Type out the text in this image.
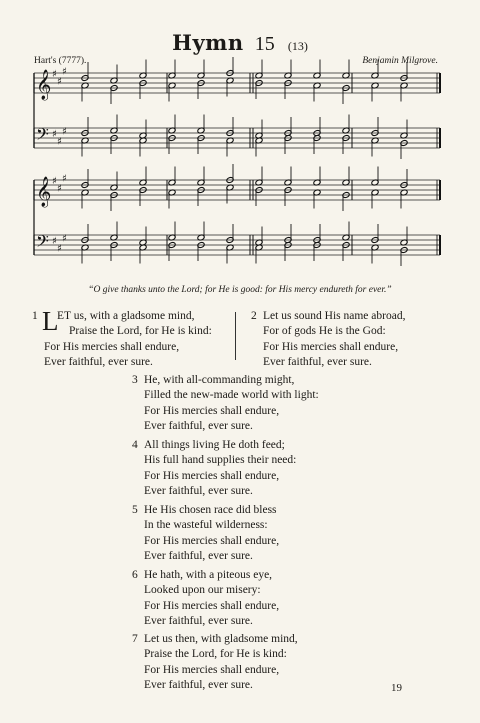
Hymn 15 (13)
Hart's (7777).	Benjamin Milgrove.
𝄞 ♯
♯
♯
𝄢 ♯
♯
♯
𝄞 ♯
♯
♯
𝄢 ♯
♯
♯
“O give thanks unto the Lord; for He is good: for His mercy endureth for ever.”
1 L
ET us, with a gladsome mind,
Praise the Lord, for He is kind:
For His mercies shall endure,
Ever faithful, ever sure.
2 Let us sound His name abroad,
For of gods He is the God:
For His mercies shall endure,
Ever faithful, ever sure.
3 He, with all-commanding might,
Filled the new-made world with light:
For His mercies shall endure,
Ever faithful, ever sure.
4 All things living He doth feed;
His full hand supplies their need:
For His mercies shall endure,
Ever faithful, ever sure.
5 He His chosen race did bless
In the wasteful wilderness:
For His mercies shall endure,
Ever faithful, ever sure.
6 He hath, with a piteous eye,
Looked upon our misery:
For His mercies shall endure,
Ever faithful, ever sure.
7 Let us then, with gladsome mind,
Praise the Lord, for He is kind:
For His mercies shall endure,
Ever faithful, ever sure.	19
